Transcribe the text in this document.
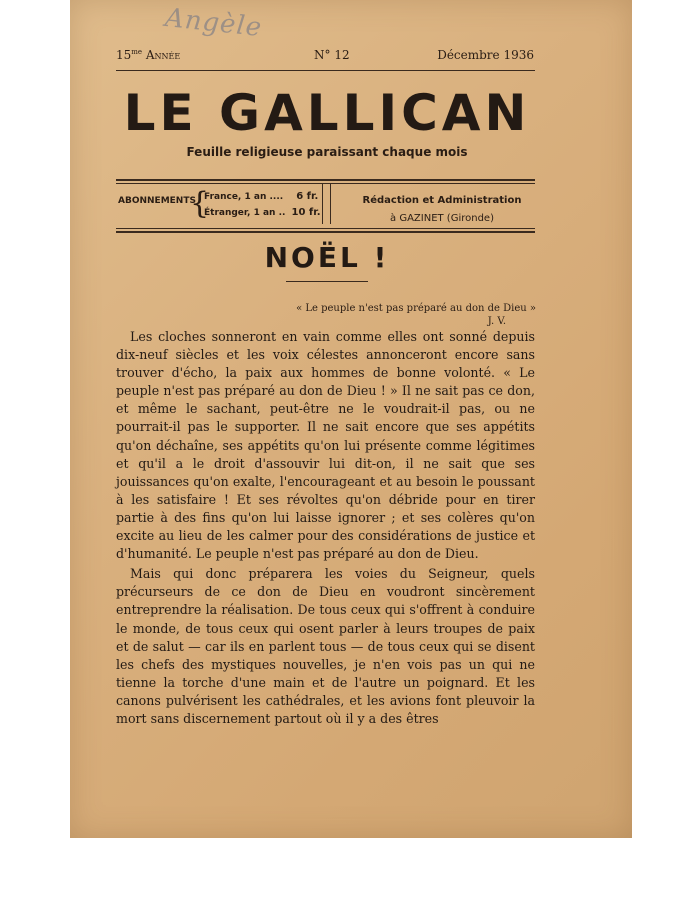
Angèle
$15^{me}$ Année	N° 12	Décembre 1936
LE GALLICAN
Feuille religieuse paraissant chaque mois
ABONNEMENTS
{
France, 1 an .... 6 fr.
Étranger, 1 an .. 10 fr.
Rédaction et Administration
à GAZINET (Gironde)
NOËL !
« Le peuple n'est pas préparé au don de Dieu »
J. V.

Les cloches sonneront en vain comme elles ont sonné depuis dix-neuf siècles et les voix célestes annonceront encore sans trouver d'écho, la paix aux hommes de bonne volonté. « Le peuple n'est pas préparé au don de Dieu ! » Il ne sait pas ce don, et même le sachant, peut-être ne le voudrait-il pas, ou ne pourrait-il pas le supporter. Il ne sait encore que ses appétits qu'on déchaîne, ses appétits qu'on lui présente comme légitimes et qu'il a le droit d'assouvir lui dit-on, il ne sait que ses jouissances qu'on exalte, l'encourageant et au besoin le poussant à les satisfaire ! Et ses révoltes qu'on débride pour en tirer partie à des fins qu'on lui laisse ignorer ; et ses colères qu'on excite au lieu de les calmer pour des considérations de justice et d'humanité. Le peuple n'est pas préparé au don de Dieu.

Mais qui donc préparera les voies du Seigneur, quels précurseurs de ce don de Dieu en voudront sincèrement entreprendre la réalisation. De tous ceux qui s'offrent à conduire le monde, de tous ceux qui osent parler à leurs troupes de paix et de salut — car ils en parlent tous — de tous ceux qui se disent les chefs des mystiques nouvelles, je n'en vois pas un qui ne tienne la torche d'une main et de l'autre un poignard. Et les canons pulvérisent les cathédrales, et les avions font pleuvoir la mort sans discernement partout où il y a des êtres
